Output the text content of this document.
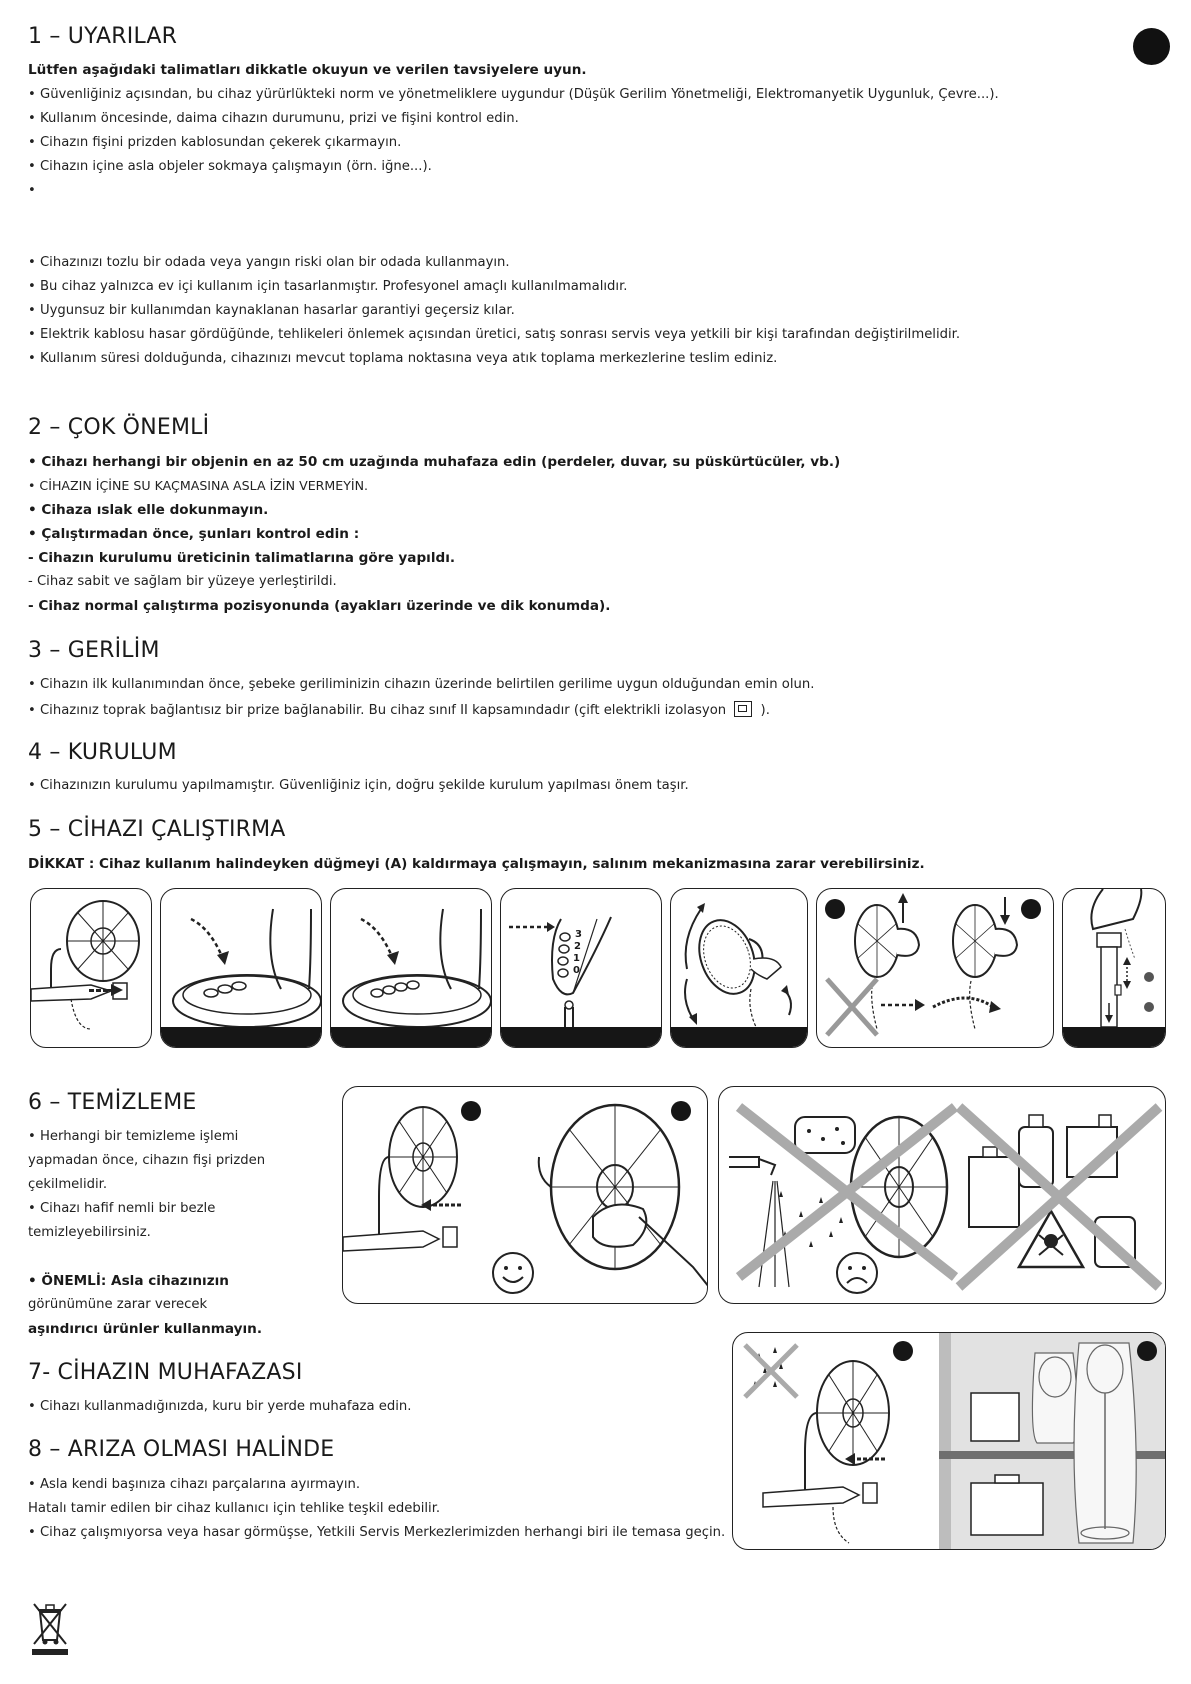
1 – UYARILAR
Lütfen aşağıdaki talimatları dikkatle okuyun ve verilen tavsiyelere uyun.
• Güvenliğiniz açısından, bu cihaz yürürlükteki norm ve yönetmeliklere uygundur (Düşük Gerilim Yönetmeliği, Elektromanyetik Uygunluk, Çevre...).
• Kullanım öncesinde, daima cihazın durumunu, prizi ve fişini kontrol edin.
• Cihazın fişini prizden kablosundan çekerek çıkarmayın.
• Cihazın içine asla objeler sokmaya çalışmayın (örn. iğne...).
•
• Cihazınızı tozlu bir odada veya yangın riski olan bir odada kullanmayın.
• Bu cihaz yalnızca ev içi kullanım için tasarlanmıştır. Profesyonel amaçlı kullanılmamalıdır.
• Uygunsuz bir kullanımdan kaynaklanan hasarlar garantiyi geçersiz kılar.
• Elektrik kablosu hasar gördüğünde, tehlikeleri önlemek açısından üretici, satış sonrası servis veya yetkili bir kişi tarafından değiştirilmelidir.
• Kullanım süresi dolduğunda, cihazınızı mevcut toplama noktasına veya atık toplama merkezlerine teslim ediniz.
2 – ÇOK ÖNEMLİ
• Cihazı herhangi bir objenin en az 50 cm uzağında muhafaza edin (perdeler, duvar, su püskürtücüler, vb.)
• CİHAZIN İÇİNE SU KAÇMASINA ASLA İZİN VERMEYİN.
• Cihaza ıslak elle dokunmayın.
• Çalıştırmadan önce, şunları kontrol edin :
- Cihazın kurulumu üreticinin talimatlarına göre yapıldı.
- Cihaz sabit ve sağlam bir yüzeye yerleştirildi.
- Cihaz normal çalıştırma pozisyonunda (ayakları üzerinde ve dik konumda).
3 – GERİLİM
• Cihazın ilk kullanımından önce, şebeke geriliminizin cihazın üzerinde belirtilen gerilime uygun olduğundan emin olun.
• Cihazınız toprak bağlantısız bir prize bağlanabilir. Bu cihaz sınıf II kapsamındadır (çift elektrikli izolasyon	).
4 – KURULUM
• Cihazınızın kurulumu yapılmamıştır. Güvenliğiniz için, doğru şekilde kurulum yapılması önem taşır.
5 – CİHAZI ÇALIŞTIRMA
DİKKAT : Cihaz kullanım halindeyken düğmeyi (A) kaldırmaya çalışmayın, salınım mekanizmasına zarar verebilirsiniz.
3
2
1
0
6 – TEMİZLEME
• Herhangi bir temizleme işlemi
yapmadan önce, cihazın fişi prizden
çekilmelidir.
• Cihazı hafif nemli bir bezle
temizleyebilirsiniz.
• ÖNEMLİ: Asla cihazınızın
görünümüne zarar verecek
aşındırıcı ürünler kullanmayın.
7- CİHAZIN MUHAFAZASI
• Cihazı kullanmadığınızda, kuru bir yerde muhafaza edin.
8 – ARIZA OLMASI HALİNDE
• Asla kendi başınıza cihazı parçalarına ayırmayın.
Hatalı tamir edilen bir cihaz kullanıcı için tehlike teşkil edebilir.
• Cihaz çalışmıyorsa veya hasar görmüşse, Yetkili Servis Merkezlerimizden herhangi biri ile temasa geçin.
